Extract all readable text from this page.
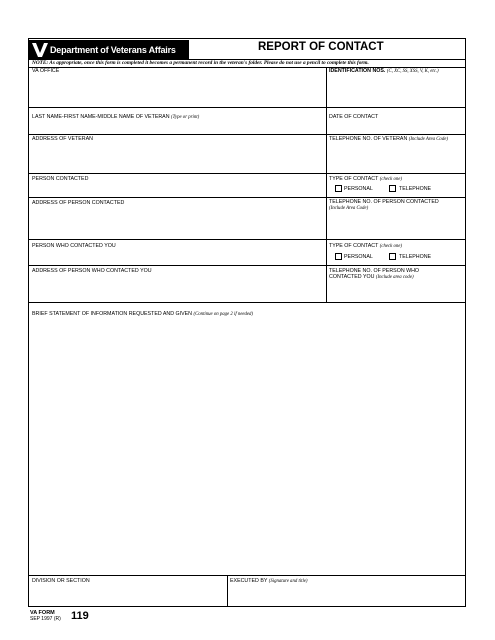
Department of Veterans Affairs	REPORT OF CONTACT
NOTE: As appropriate, once this form is completed it becomes a permanent record in the veteran's folder. Please do not use a pencil to complete this form.
VA OFFICE	IDENTIFICATION NOS. (C, XC, SS, XSS, V, K, etc.)
LAST NAME-FIRST NAME-MIDDLE NAME OF VETERAN (Type or print)	DATE OF CONTACT
ADDRESS OF VETERAN	TELEPHONE NO. OF VETERAN (Include Area Code)
PERSON CONTACTED	TYPE OF CONTACT (check one)
PERSONAL	TELEPHONE
ADDRESS OF PERSON CONTACTED	TELEPHONE NO. OF PERSON CONTACTED
(Include Area Code)
PERSON WHO CONTACTED YOU	TYPE OF CONTACT (check one)
PERSONAL	TELEPHONE
ADDRESS OF PERSON WHO CONTACTED YOU	TELEPHONE NO. OF PERSON WHO
CONTACTED YOU (Include area code)
BRIEF STATEMENT OF INFORMATION REQUESTED AND GIVEN (Continue on page 2 if needed)
DIVISION OR SECTION	EXECUTED BY (Signature and title)
VA FORM
SEP 1997 (R) 119
